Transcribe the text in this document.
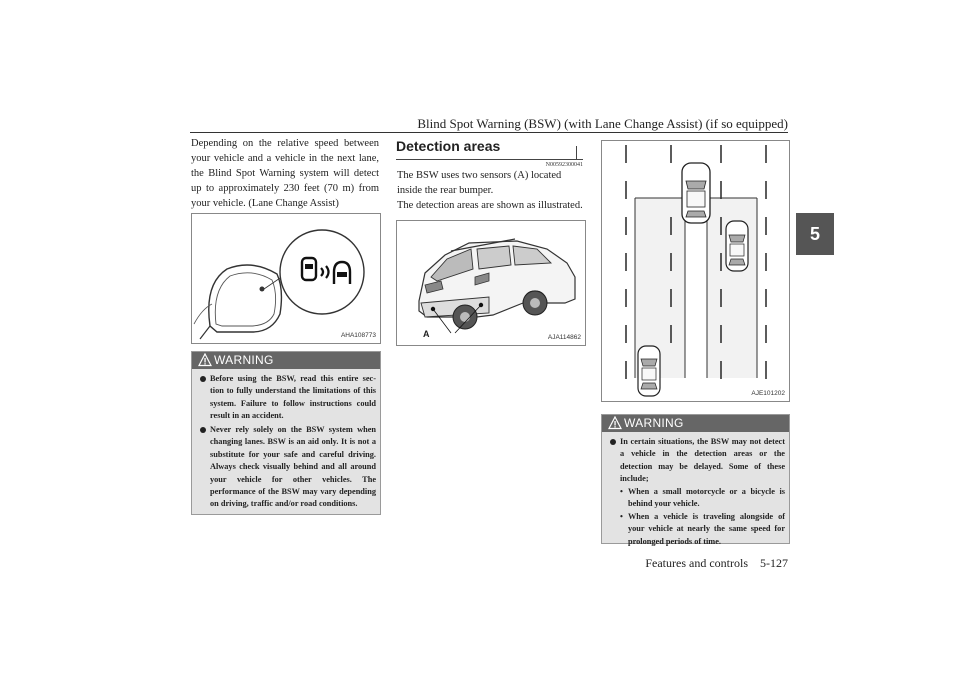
Blind Spot Warning (BSW) (with Lane Change Assist) (if so equipped)
5
Depending on the relative speed between your vehicle and a vehicle in the next lane, the Blind Spot Warning system will detect up to approximately 230 feet (70 m) from your vehicle. (Lane Change Assist)
AHA108773
WARNING
Before using the BSW, read this entire sec- tion to fully understand the limitations of this system. Failure to follow instructions could result in an accident.
Never rely solely on the BSW system when changing lanes. BSW is an aid only. It is not a substitute for your safe and careful driving. Always check visually behind and all around your vehicle for other vehicles. The performance of the BSW may vary depending on driving, traffic and/or road conditions.
Detection areas
N00592300041
The BSW uses two sensors (A) located inside the rear bumper.
The detection areas are shown as illustrated.
A	AJA114862
AJE101202
WARNING
In certain situations, the BSW may not detect a vehicle in the detection areas or the detection may be delayed. Some of these include;
• When a small motorcycle or a bicycle is behind your vehicle.
• When a vehicle is traveling alongside of your vehicle at nearly the same speed for prolonged periods of time.
Features and controls    5-127
